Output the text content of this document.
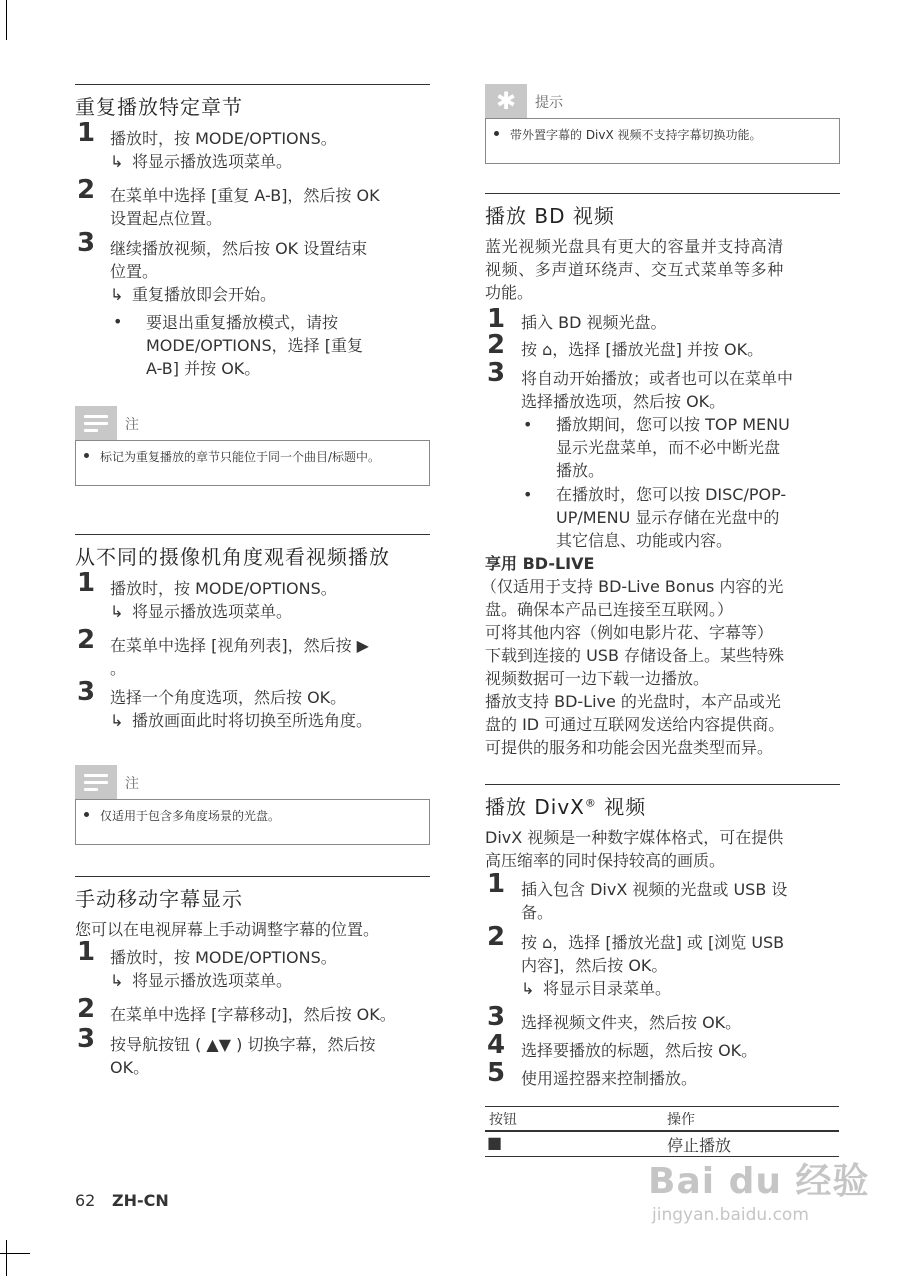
重复播放特定章节
1 播放时，按 MODE/OPTIONS。
↳ 将显示播放选项菜单。
2 在菜单中选择 [重复 A-B]，然后按 OK
设置起点位置。
3 继续播放视频，然后按 OK 设置结束
位置。
↳ 重复播放即会开始。
• 要退出重复播放模式，请按
MODE/OPTIONS，选择 [重复
A-B] 并按 OK。
注
标记为重复播放的章节只能位于同一个曲目/标题中。
从不同的摄像机角度观看视频播放
1 播放时，按 MODE/OPTIONS。
↳ 将显示播放选项菜单。
2 在菜单中选择 [视角列表]，然后按 ▶
。
3 选择一个角度选项，然后按 OK。
↳ 播放画面此时将切换至所选角度。
注
仅适用于包含多角度场景的光盘。
手动移动字幕显示
您可以在电视屏幕上手动调整字幕的位置。
1 播放时，按 MODE/OPTIONS。
↳ 将显示播放选项菜单。
2 在菜单中选择 [字幕移动]，然后按 OK。
3 按导航按钮 ( ▲▼ ) 切换字幕，然后按
OK。
62 ZH-CN
✱	提示
带外置字幕的 DivX 视频不支持字幕切换功能。
播放 BD 视频
蓝光视频光盘具有更大的容量并支持高清
视频、多声道环绕声、交互式菜单等多种
功能。
1 插入 BD 视频光盘。
2 按 ⌂，选择 [播放光盘] 并按 OK。
3 将自动开始播放；或者也可以在菜单中
选择播放选项，然后按 OK。
• 播放期间，您可以按 TOP MENU
显示光盘菜单，而不必中断光盘
播放。
• 在播放时，您可以按 DISC/POP-
UP/MENU 显示存储在光盘中的
其它信息、功能或内容。
享用 BD-LIVE
（仅适用于支持 BD-Live Bonus 内容的光
盘。确保本产品已连接至互联网。）
可将其他内容（例如电影片花、字幕等）
下载到连接的 USB 存储设备上。某些特殊
视频数据可一边下载一边播放。
播放支持 BD-Live 的光盘时，本产品或光
盘的 ID 可通过互联网发送给内容提供商。
可提供的服务和功能会因光盘类型而异。
播放 DivX® 视频
DivX 视频是一种数字媒体格式，可在提供
高压缩率的同时保持较高的画质。
1 插入包含 DivX 视频的光盘或 USB 设
备。
2 按 ⌂，选择 [播放光盘] 或 [浏览 USB
内容]，然后按 OK。
↳ 将显示目录菜单。
3 选择视频文件夹，然后按 OK。
4 选择要播放的标题，然后按 OK。
5 使用遥控器来控制播放。
按钮	操作
■	停止播放
Bai du 经验
jingyan.baidu.com
